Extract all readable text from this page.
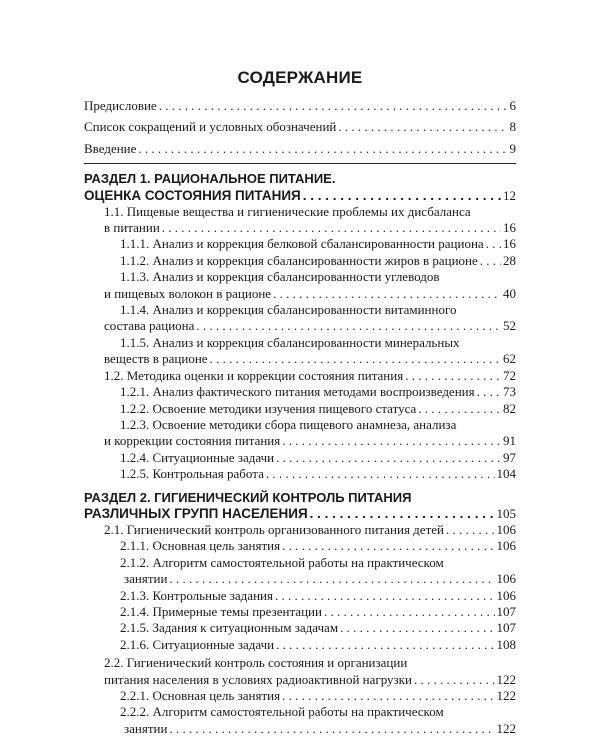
СОДЕРЖАНИЕ
Предисловие . . .	6
Список сокращений и условных обозначений . . .	8
Введение . . .	9
РАЗДЕЛ 1. РАЦИОНАЛЬНОЕ ПИТАНИЕ.
ОЦЕНКА СОСТОЯНИЯ ПИТАНИЯ . . .	12
1.1. Пищевые вещества и гигиенические проблемы их дисбаланса
в питании . . .	16
1.1.1. Анализ и коррекция белковой сбалансированности рациона . . . 16
1.1.2. Анализ и коррекция сбалансированности жиров в рационе . . . 28
1.1.3. Анализ и коррекция сбалансированности углеводов
и пищевых волокон в рационе . . .	40
1.1.4. Анализ и коррекция сбалансированности витаминного
состава рациона . . .	52
1.1.5. Анализ и коррекция сбалансированности минеральных
веществ в рационе . . .	62
1.2. Методика оценки и коррекции состояния питания . . .	72
1.2.1. Анализ фактического питания методами воспроизведения . . . 73
1.2.2. Освоение методики изучения пищевого статуса . . .	82
1.2.3. Освоение методики сбора пищевого анамнеза, анализа
и коррекции состояния питания . . .	91
1.2.4. Ситуационные задачи . . .	97
1.2.5. Контрольная работа . . .	104
РАЗДЕЛ 2. ГИГИЕНИЧЕСКИЙ КОНТРОЛЬ ПИТАНИЯ
РАЗЛИЧНЫХ ГРУПП НАСЕЛЕНИЯ . . .	105
2.1. Гигиенический контроль организованного питания детей . . .	106
2.1.1. Основная цель занятия . . .	106
2.1.2. Алгоритм самостоятельной работы на практическом
занятии . . .	106
2.1.3. Контрольные задания . . .	106
2.1.4. Примерные темы презентации . . .	107
2.1.5. Задания к ситуационным задачам . . .	107
2.1.6. Ситуационные задачи . . .	108
2.2. Гигиенический контроль состояния и организации
питания населения в условиях радиоактивной нагрузки . . .	122
2.2.1. Основная цель занятия . . .	122
2.2.2. Алгоритм самостоятельной работы на практическом
занятии . . .	122
